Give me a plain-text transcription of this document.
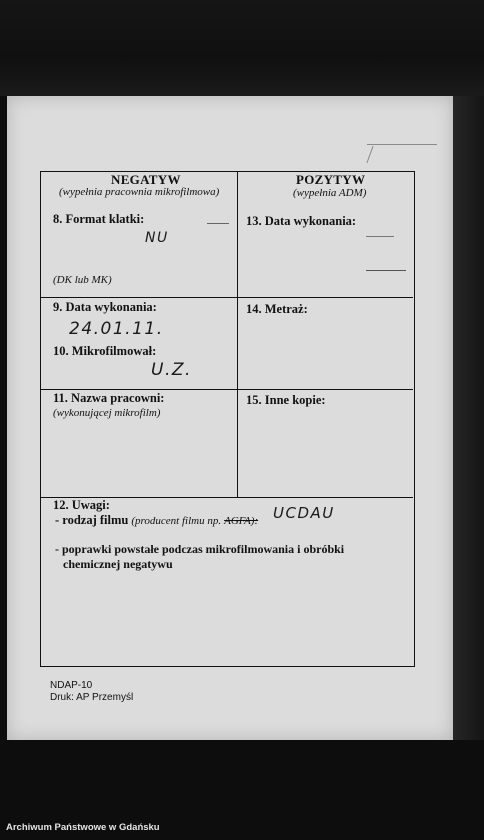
NEGATYW
(wypełnia pracownia mikrofilmowa)
8. Format klatki:
NU
(DK lub MK)
POZYTYW
(wypełnia ADM)
13. Data wykonania:
9. Data wykonania:
24.01.11.
10. Mikrofilmował:
U.Z.
14. Metraż:
11. Nazwa pracowni:
(wykonującej mikrofilm)
15. Inne kopie:
12. Uwagi:
- rodzaj filmu (producent filmu np. AGFA): UCDAU
- poprawki powstałe podczas mikrofilmowania i obróbki
chemicznej negatywu
NDAP-10
Druk: AP Przemyśl
Archiwum Państwowe w Gdańsku
